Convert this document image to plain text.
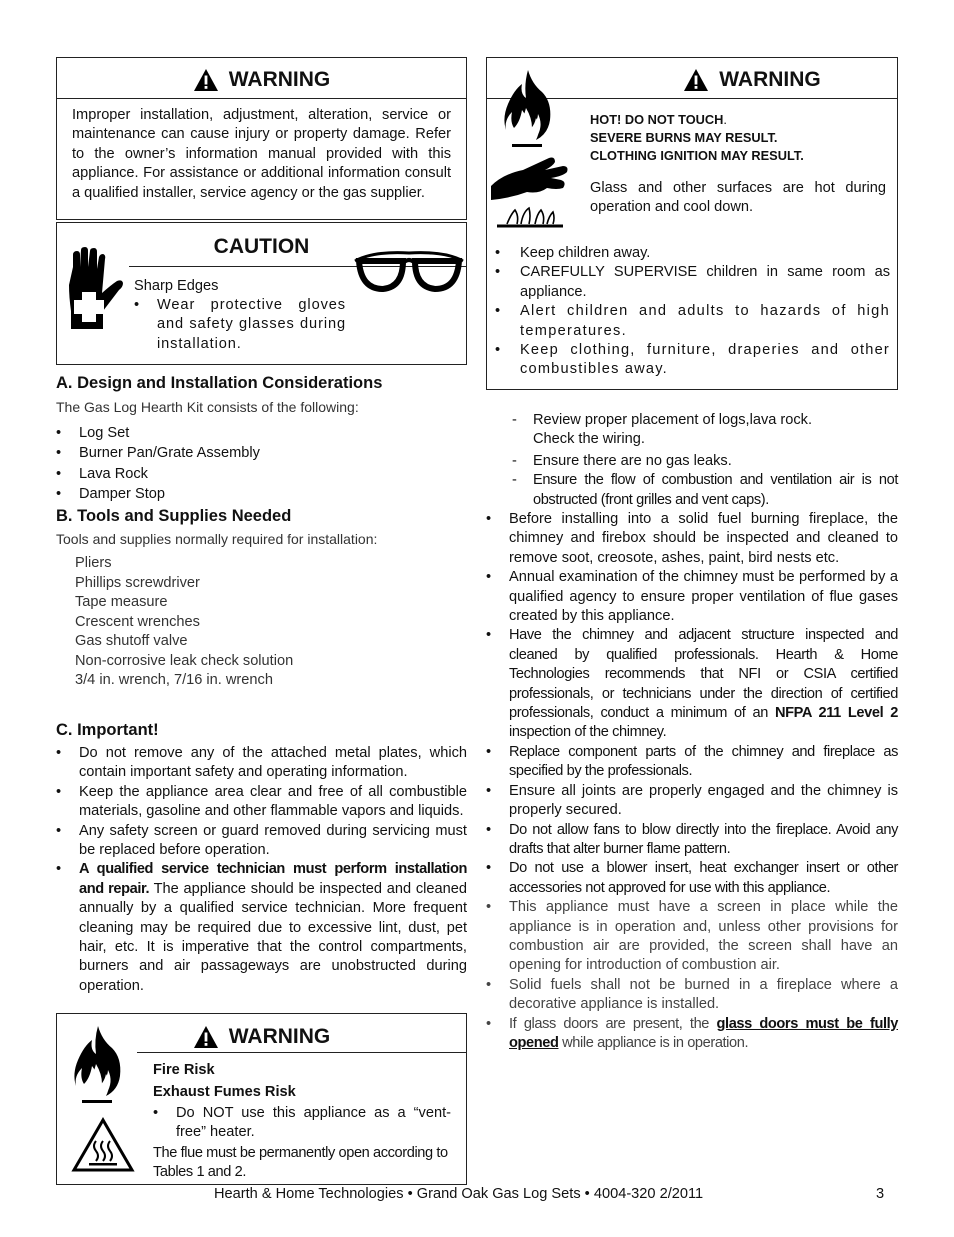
WARNING
Improper installation, adjustment, alteration, service or maintenance can cause injury or property damage. Refer to the owner’s information manual provided with this appliance. For assistance or additional information consult a qualified installer, service agency or the gas supplier.
CAUTION
Sharp Edges
• Wear protective gloves and safety glasses during installation.
A. Design and Installation Considerations
The Gas Log Hearth Kit consists of the following:
• Log Set
• Burner Pan/Grate Assembly
• Lava Rock
• Damper Stop
B. Tools and Supplies Needed
Tools and supplies normally required for installation:
Pliers
Phillips screwdriver
Tape measure
Crescent wrenches
Gas shutoff valve
Non-corrosive leak check solution
3/4 in. wrench, 7/16 in. wrench
C. Important!
• Do not remove any of the attached metal plates, which contain important safety and operating information.
• Keep the appliance area clear and free of all combustible materials, gasoline and other flammable vapors and liquids.
• Any safety screen or guard removed during servicing must be replaced before operation.
• A qualified service technician must perform installation and repair. The appliance should be inspected and cleaned annually by a qualified service technician. More frequent cleaning may be required due to excessive lint, dust, pet hair, etc. It is imperative that the control compartments, burners and air passageways are unobstructed during operation.
WARNING
Fire Risk
Exhaust Fumes Risk
• Do NOT use this appliance as a “vent-free” heater.
The flue must be permanently open according to Tables 1 and 2.
WARNING
HOT! DO NOT TOUCH.
SEVERE BURNS MAY RESULT.
CLOTHING IGNITION MAY RESULT.
Glass and other surfaces are hot during operation and cool down.
• Keep children away.
• CAREFULLY SUPERVISE children in same room as appliance.
• Alert children and adults to hazards of high temperatures.
• Keep clothing, furniture, draperies and other combustibles away.
- Review proper placement of logs,lava rock.
Check the wiring.
- Ensure there are no gas leaks.
- Ensure the flow of combustion and ventilation air is not obstructed (front grilles and vent caps).
• Before installing into a solid fuel burning fireplace, the chimney and firebox should be inspected and cleaned to remove soot, creosote, ashes, paint, bird nests etc.
• Annual examination of the chimney must be performed by a qualified agency to ensure proper ventilation of flue gases created by this appliance.
• Have the chimney and adjacent structure inspected and cleaned by qualified professionals. Hearth & Home Technologies recommends that NFI or CSIA certified professionals, or technicians under the direction of certified professionals, conduct a minimum of an NFPA 211 Level 2 inspection of the chimney.
• Replace component parts of the chimney and fireplace as specified by the professionals.
• Ensure all joints are properly engaged and the chimney is properly secured.
• Do not allow fans to blow directly into the fireplace. Avoid any drafts that alter burner flame pattern.
• Do not use a blower insert, heat exchanger insert or other accessories not approved for use with this appliance.
• This appliance must have a screen in place while the appliance is in operation and, unless other provisions for combustion air are provided, the screen shall have an opening for introduction of combustion air.
• Solid fuels shall not be burned in a fireplace where a decorative appliance is installed.
• If glass doors are present, the glass doors must be fully opened while appliance is in operation.
Hearth & Home Technologies • Grand Oak Gas Log Sets • 4004-320 2/2011	3
